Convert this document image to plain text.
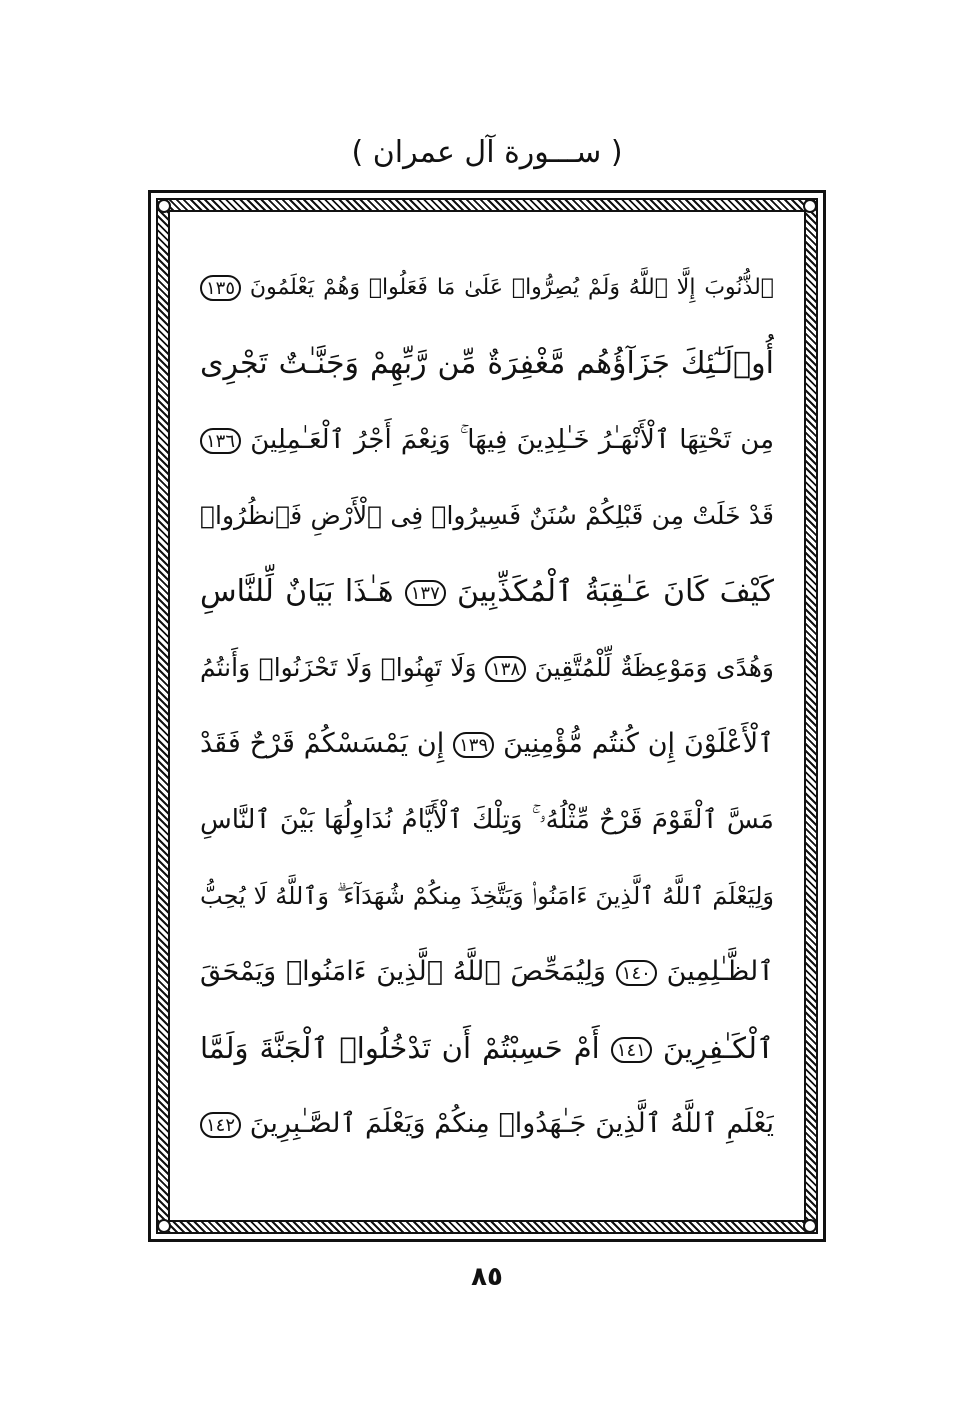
( ســـورة آل عمران )
ٱلذُّنُوبَ إِلَّا ٱللَّهُ وَلَمْ يُصِرُّوا۟ عَلَىٰ مَا فَعَلُوا۟ وَهُمْ يَعْلَمُونَ ١٣٥
أُو۟لَـٰٓئِكَ جَزَآؤُهُم مَّغْفِرَةٌ مِّن رَّبِّهِمْ وَجَنَّـٰتٌ تَجْرِى
مِن تَحْتِهَا ٱلْأَنْهَـٰرُ خَـٰلِدِينَ فِيهَا ۚ وَنِعْمَ أَجْرُ ٱلْعَـٰمِلِينَ ١٣٦
قَدْ خَلَتْ مِن قَبْلِكُمْ سُنَنٌ فَسِيرُوا۟ فِى ٱلْأَرْضِ فَٱنظُرُوا۟
كَيْفَ كَانَ عَـٰقِبَةُ ٱلْمُكَذِّبِينَ ١٣٧ هَـٰذَا بَيَانٌ لِّلنَّاسِ
وَهُدًى وَمَوْعِظَةٌ لِّلْمُتَّقِينَ ١٣٨ وَلَا تَهِنُوا۟ وَلَا تَحْزَنُوا۟ وَأَنتُمُ
ٱلْأَعْلَوْنَ إِن كُنتُم مُّؤْمِنِينَ ١٣٩ إِن يَمْسَسْكُمْ قَرْحٌ فَقَدْ
مَسَّ ٱلْقَوْمَ قَرْحٌ مِّثْلُهُۥ ۚ وَتِلْكَ ٱلْأَيَّامُ نُدَاوِلُهَا بَيْنَ ٱلنَّاسِ
وَلِيَعْلَمَ ٱللَّهُ ٱلَّذِينَ ءَامَنُوا۟ وَيَتَّخِذَ مِنكُمْ شُهَدَآءَ ۗ وَٱللَّهُ لَا يُحِبُّ
ٱلظَّـٰلِمِينَ ١٤٠ وَلِيُمَحِّصَ ٱللَّهُ ٱلَّذِينَ ءَامَنُوا۟ وَيَمْحَقَ
ٱلْكَـٰفِرِينَ ١٤١ أَمْ حَسِبْتُمْ أَن تَدْخُلُوا۟ ٱلْجَنَّةَ وَلَمَّا
يَعْلَمِ ٱللَّهُ ٱلَّذِينَ جَـٰهَدُوا۟ مِنكُمْ وَيَعْلَمَ ٱلصَّـٰبِرِينَ ١٤٢
٨٥
